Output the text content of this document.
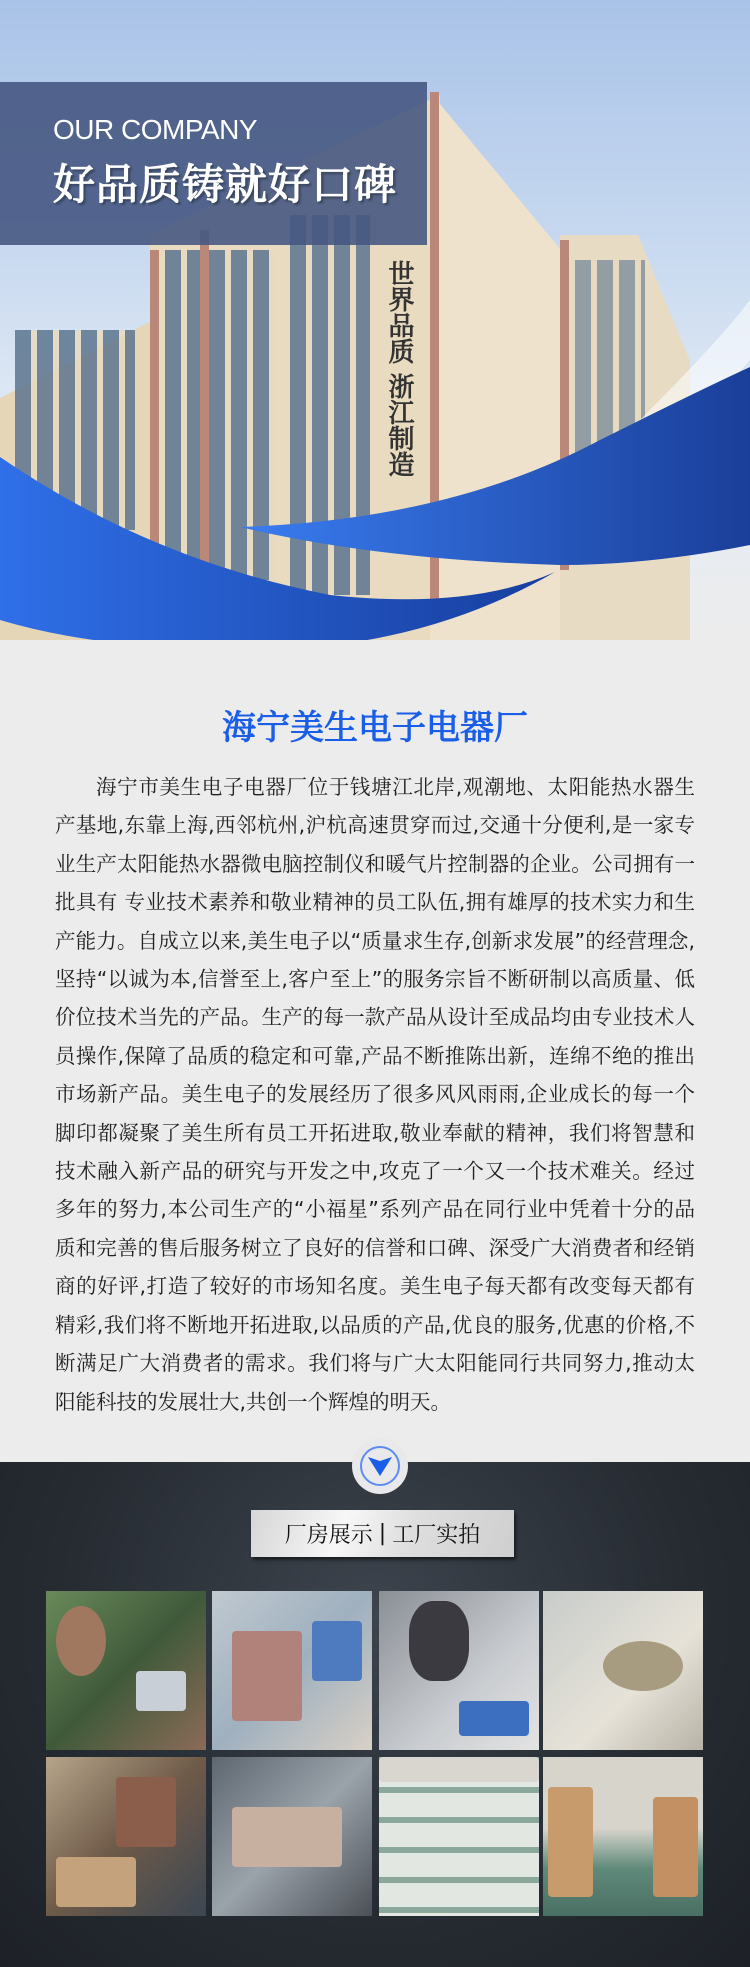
世界品质 浙江制造
OUR COMPANY
好品质铸就好口碑
海宁美生电子电器厂
海宁市美生电子电器厂位于钱塘江北岸,观潮地、太阳能热水器生产基地,东靠上海,西邻杭州,沪杭高速贯穿而过,交通十分便利,是一家专业生产太阳能热水器微电脑控制仪和暖气片控制器的企业。公司拥有一批具有 专业技术素养和敬业精神的员工队伍,拥有雄厚的技术实力和生产能力。自成立以来,美生电子以“质量求生存,创新求发展”的经营理念,坚持“以诚为本,信誉至上,客户至上”的服务宗旨不断研制以高质量、低价位技术当先的产品。生产的每一款产品从设计至成品均由专业技术人员操作,保障了品质的稳定和可靠,产品不断推陈出新，连绵不绝的推出市场新产品。美生电子的发展经历了很多风风雨雨,企业成长的每一个脚印都凝聚了美生所有员工开拓进取,敬业奉献的精神，我们将智慧和技术融入新产品的研究与开发之中,攻克了一个又一个技术难关。经过多年的努力,本公司生产的“小福星”系列产品在同行业中凭着十分的品质和完善的售后服务树立了良好的信誉和口碑、深受广大消费者和经销商的好评,打造了较好的市场知名度。美生电子每天都有改变每天都有精彩,我们将不断地开拓进取,以品质的产品,优良的服务,优惠的价格,不断满足广大消费者的需求。我们将与广大太阳能同行共同努力,推动太阳能科技的发展壮大,共创一个辉煌的明天。
厂房展示 | 工厂实拍
